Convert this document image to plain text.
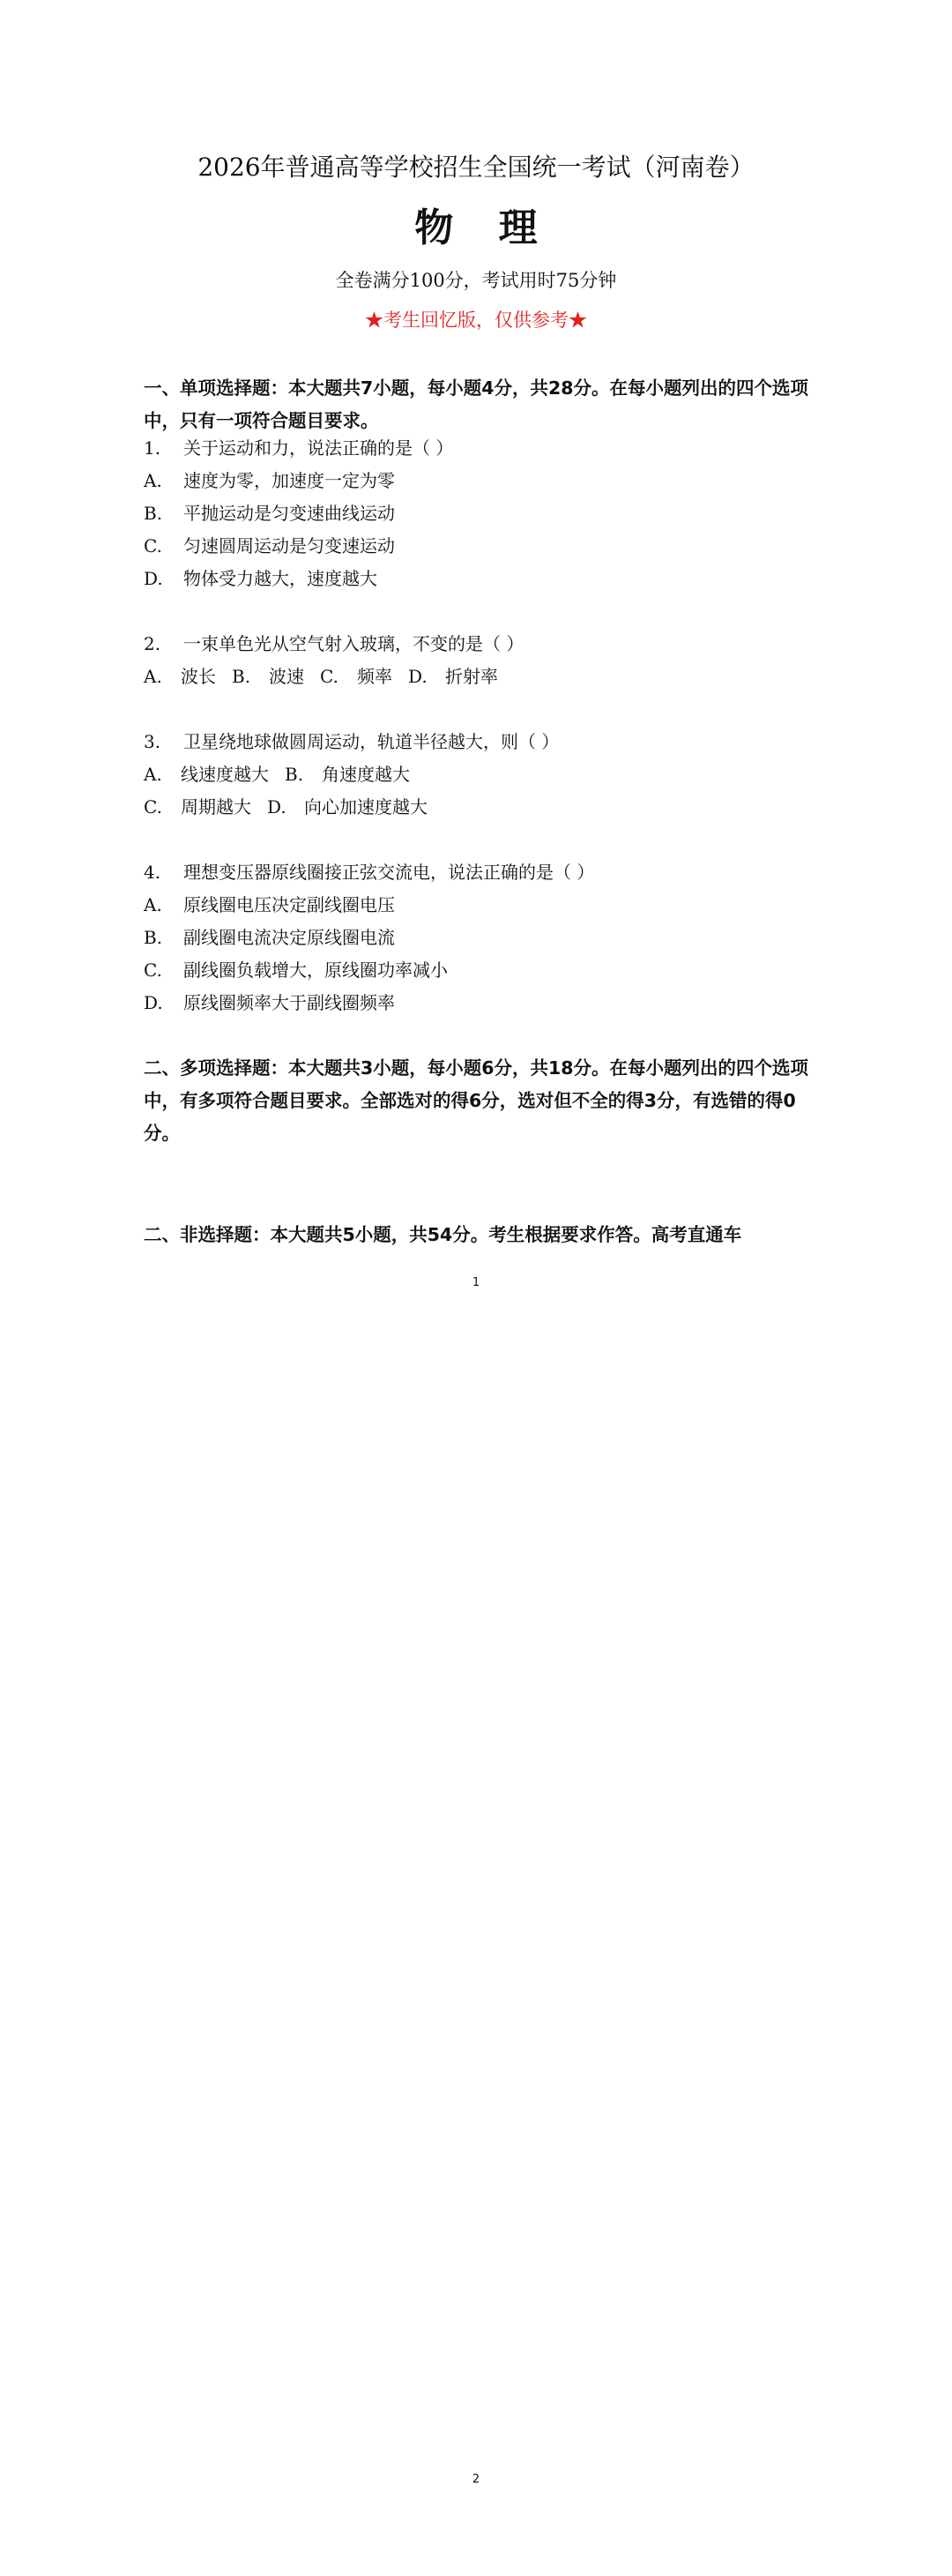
2026年普通高等学校招生全国统一考试（河南卷）
物 理
全卷满分100分，考试用时75分钟
★考生回忆版，仅供参考★
一、单项选择题：本大题共7小题，每小题4分，共28分。在每小题列出的四个选项中，只有一项符合题目要求。
1. 关于运动和力，说法正确的是（ ）
A. 速度为零，加速度一定为零
B. 平抛运动是匀变速曲线运动
C. 匀速圆周运动是匀变速运动
D. 物体受力越大，速度越大
2. 一束单色光从空气射入玻璃，不变的是（ ）
A. 波长 B. 波速 C. 频率 D. 折射率
3. 卫星绕地球做圆周运动，轨道半径越大，则（ ）
A. 线速度越大 B. 角速度越大
C. 周期越大 D. 向心加速度越大
4. 理想变压器原线圈接正弦交流电，说法正确的是（ ）
A. 原线圈电压决定副线圈电压
B. 副线圈电流决定原线圈电流
C. 副线圈负载增大，原线圈功率减小
D. 原线圈频率大于副线圈频率
二、多项选择题：本大题共3小题，每小题6分，共18分。在每小题列出的四个选项中，有多项符合题目要求。全部选对的得6分，选对但不全的得3分，有选错的得0分。
二、非选择题：本大题共5小题，共54分。考生根据要求作答。高考直通车
1
2
